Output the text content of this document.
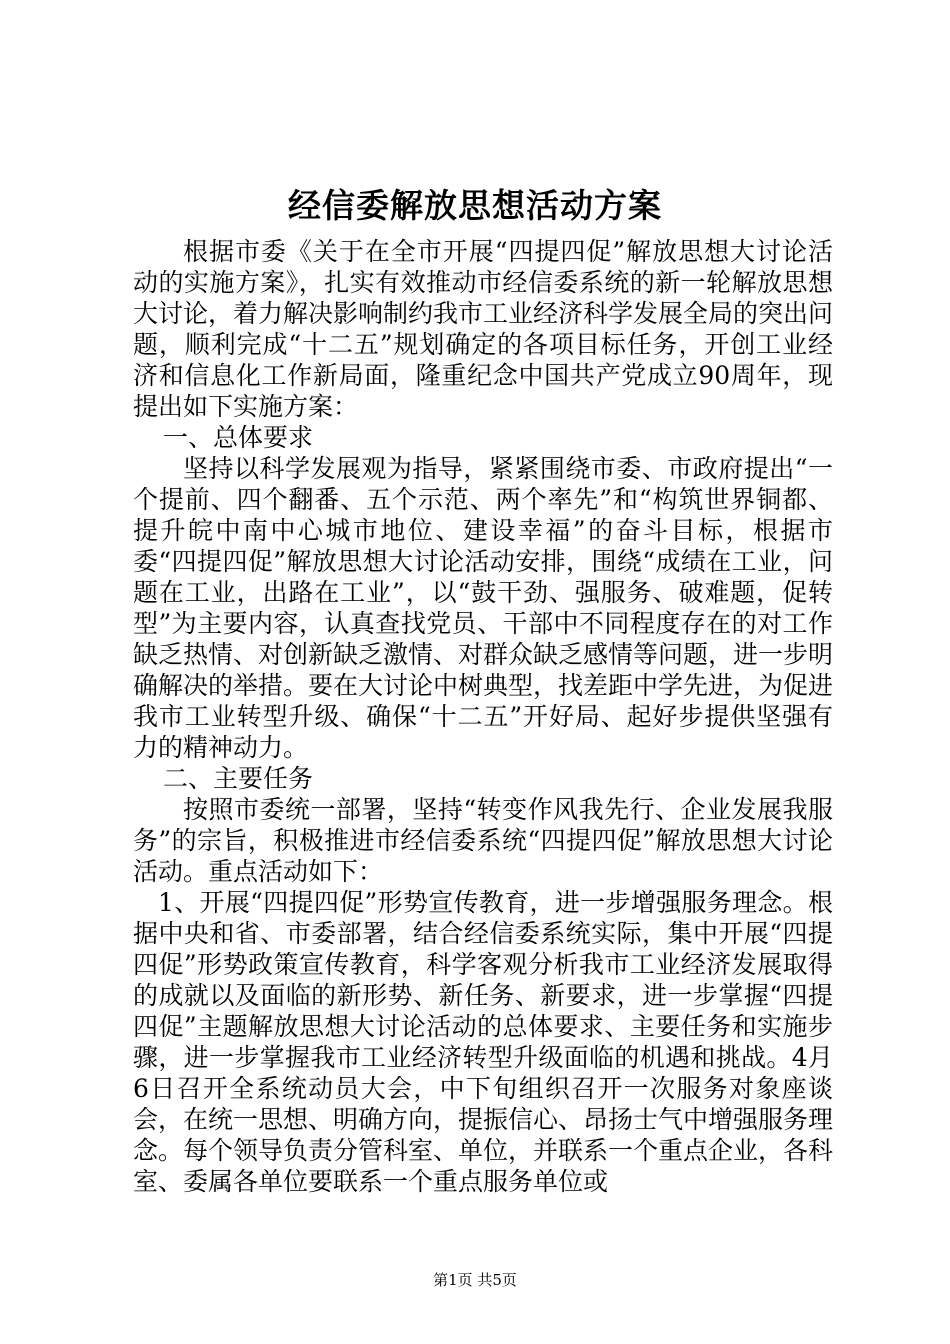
经信委解放思想活动方案

根据市委《关于在全市开展“四提四促”解放思想大讨论活动的实施方案》，扎实有效推动市经信委系统的新一轮解放思想大讨论，着力解决影响制约我市工业经济科学发展全局的突出问题，顺利完成“十二五”规划确定的各项目标任务，开创工业经济和信息化工作新局面，隆重纪念中国共产党成立90周年，现提出如下实施方案：

一、总体要求

坚持以科学发展观为指导，紧紧围绕市委、市政府提出“一个提前、四个翻番、五个示范、两个率先”和“构筑世界铜都、提升皖中南中心城市地位、建设幸福”的奋斗目标，根据市委“四提四促”解放思想大讨论活动安排，围绕“成绩在工业，问题在工业，出路在工业”，以“鼓干劲、强服务、破难题，促转型”为主要内容，认真查找党员、干部中不同程度存在的对工作缺乏热情、对创新缺乏激情、对群众缺乏感情等问题，进一步明确解决的举措。要在大讨论中树典型，找差距中学先进，为促进我市工业转型升级、确保“十二五”开好局、起好步提供坚强有力的精神动力。

二、主要任务

按照市委统一部署，坚持“转变作风我先行、企业发展我服务”的宗旨，积极推进市经信委系统“四提四促”解放思想大讨论活动。重点活动如下：

1、开展“四提四促”形势宣传教育，进一步增强服务理念。根据中央和省、市委部署，结合经信委系统实际，集中开展“四提四促”形势政策宣传教育，科学客观分析我市工业经济发展取得的成就以及面临的新形势、新任务、新要求，进一步掌握“四提四促”主题解放思想大讨论活动的总体要求、主要任务和实施步骤，进一步掌握我市工业经济转型升级面临的机遇和挑战。4月6日召开全系统动员大会，中下旬组织召开一次服务对象座谈会，在统一思想、明确方向，提振信心、昂扬士气中增强服务理念。每个领导负责分管科室、单位，并联系一个重点企业，各科室、委属各单位要联系一个重点服务单位或

第1页 共5页
